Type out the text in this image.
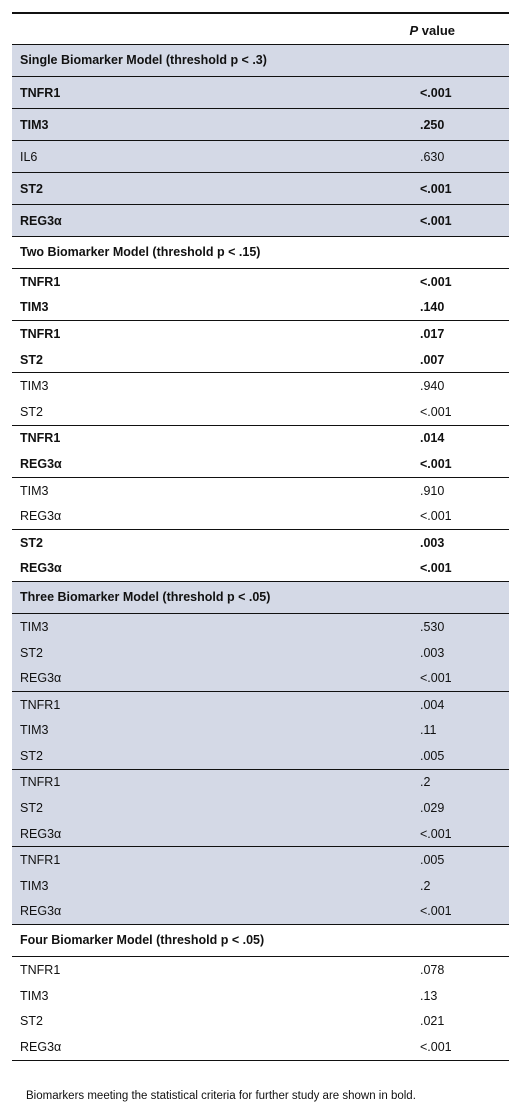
P value
Single Biomarker Model (threshold p < .3)
TNFR1	<.001
TIM3	.250
IL6	.630
ST2	<.001
REG3α	<.001
Two Biomarker Model (threshold p < .15)
TNFR1	<.001
TIM3	.140
TNFR1	.017
ST2	.007
TIM3	.940
ST2	<.001
TNFR1	.014
REG3α	<.001
TIM3	.910
REG3α	<.001
ST2	.003
REG3α	<.001
Three Biomarker Model (threshold p < .05)
TIM3	.530
ST2	.003
REG3α	<.001
TNFR1	.004
TIM3	.11
ST2	.005
TNFR1	.2
ST2	.029
REG3α	<.001
TNFR1	.005
TIM3	.2
REG3α	<.001
Four Biomarker Model (threshold p < .05)
TNFR1	.078
TIM3	.13
ST2	.021
REG3α	<.001
Biomarkers meeting the statistical criteria for further study are shown in bold.
